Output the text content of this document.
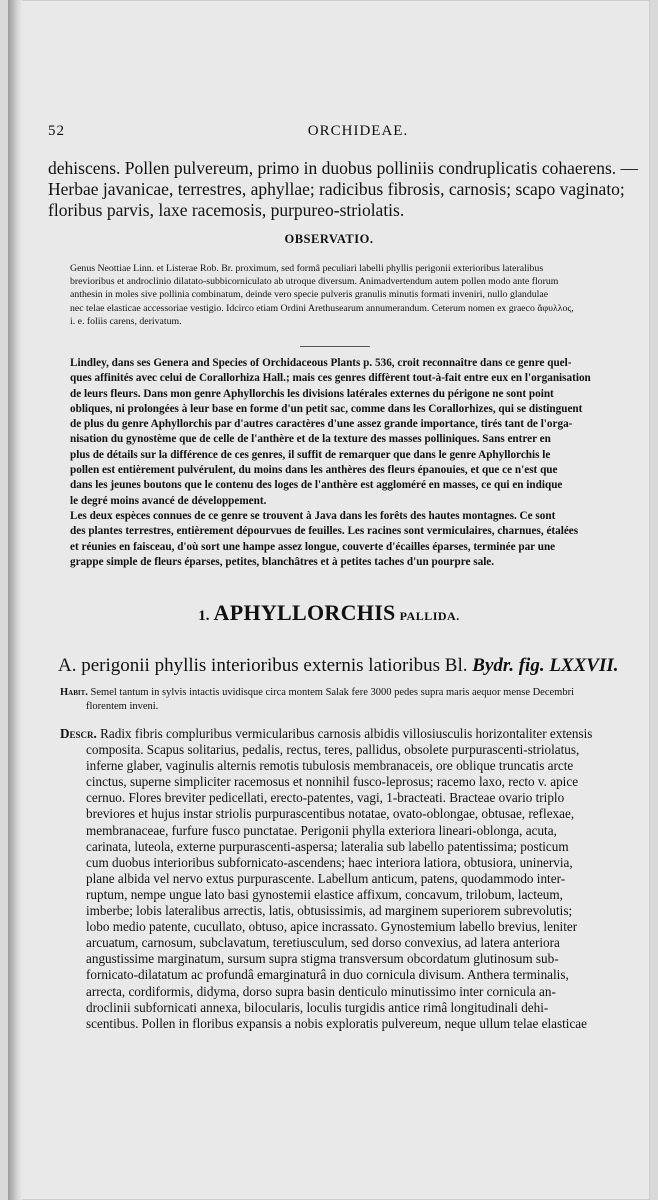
52	ORCHIDEAE.
dehiscens. Pollen pulvereum, primo in duobus polliniis condruplicatis cohaerens. —
Herbae javanicae, terrestres, aphyllae; radicibus fibrosis, carnosis; scapo vaginato;
floribus parvis, laxe racemosis, purpureo-striolatis.
OBSERVATIO.
Genus Neottiae Linn. et Listerae Rob. Br. proximum, sed formâ peculiari labelli phyllis perigonii exterioribus lateralibus
brevioribus et androclinio dilatato-subbicorniculato ab utroque diversum. Animadvertendum autem pollen modo ante florum
anthesin in moles sive pollinia combinatum, deinde vero specie pulveris granulis minutis formati inveniri, nullo glandulae
nec telae elasticae accessoriae vestigio. Idcirco etiam Ordini Arethusearum annumerandum. Ceterum nomen ex graeco ἄφυλλος,
i. e. foliis carens, derivatum.
Lindley, dans ses Genera and Species of Orchidaceous Plants p. 536, croit reconnaître dans ce genre quel-
ques affinités avec celui de Corallorhiza Hall.; mais ces genres diffèrent tout-à-fait entre eux en l'organisation
de leurs fleurs. Dans mon genre Aphyllorchis les divisions latérales externes du périgone ne sont point
obliques, ni prolongées à leur base en forme d'un petit sac, comme dans les Corallorhizes, qui se distinguent
de plus du genre Aphyllorchis par d'autres caractères d'une assez grande importance, tirés tant de l'orga-
nisation du gynostème que de celle de l'anthère et de la texture des masses polliniques. Sans entrer en
plus de détails sur la différence de ces genres, il suffit de remarquer que dans le genre Aphyllorchis le
pollen est entièrement pulvérulent, du moins dans les anthères des fleurs épanouies, et que ce n'est que
dans les jeunes boutons que le contenu des loges de l'anthère est aggloméré en masses, ce qui en indique
le degré moins avancé de développement.
Les deux espèces connues de ce genre se trouvent à Java dans les forêts des hautes montagnes. Ce sont
des plantes terrestres, entièrement dépourvues de feuilles. Les racines sont vermiculaires, charnues, étalées
et réunies en faisceau, d'où sort une hampe assez longue, couverte d'écailles éparses, terminée par une
grappe simple de fleurs éparses, petites, blanchâtres et à petites taches d'un pourpre sale.
1. APHYLLORCHIS PALLIDA.
A. perigonii phyllis interioribus externis latioribus Bl. Bydr. fig. LXXVII.
Habit. Semel tantum in sylvis intactis uvidisque circa montem Salak fere 3000 pedes supra maris aequor mense Decembri
florentem inveni.
Descr. Radix fibris compluribus vermicularibus carnosis albidis villosiusculis horizontaliter extensis
composita. Scapus solitarius, pedalis, rectus, teres, pallidus, obsolete purpurascenti-striolatus,
inferne glaber, vaginulis alternis remotis tubulosis membranaceis, ore oblique truncatis arcte
cinctus, superne simpliciter racemosus et nonnihil fusco-leprosus; racemo laxo, recto v. apice
cernuo. Flores breviter pedicellati, erecto-patentes, vagi, 1-bracteati. Bracteae ovario triplo
breviores et hujus instar striolis purpurascentibus notatae, ovato-oblongae, obtusae, reflexae,
membranaceae, furfure fusco punctatae. Perigonii phylla exteriora lineari-oblonga, acuta,
carinata, luteola, externe purpurascenti-aspersa; lateralia sub labello patentissima; posticum
cum duobus interioribus subfornicato-ascendens; haec interiora latiora, obtusiora, uninervia,
plane albida vel nervo extus purpurascente. Labellum anticum, patens, quodammodo inter-
ruptum, nempe ungue lato basi gynostemii elastice affixum, concavum, trilobum, lacteum,
imberbe; lobis lateralibus arrectis, latis, obtusissimis, ad marginem superiorem subrevolutis;
lobo medio patente, cucullato, obtuso, apice incrassato. Gynostemium labello brevius, leniter
arcuatum, carnosum, subclavatum, teretiusculum, sed dorso convexius, ad latera anteriora
angustissime marginatum, sursum supra stigma transversum obcordatum glutinosum sub-
fornicato-dilatatum ac profundâ emarginaturâ in duo cornicula divisum. Anthera terminalis,
arrecta, cordiformis, didyma, dorso supra basin denticulo minutissimo inter cornicula an-
droclinii subfornicati annexa, bilocularis, loculis turgidis antice rimâ longitudinali dehi-
scentibus. Pollen in floribus expansis a nobis exploratis pulvereum, neque ullum telae elasticae
